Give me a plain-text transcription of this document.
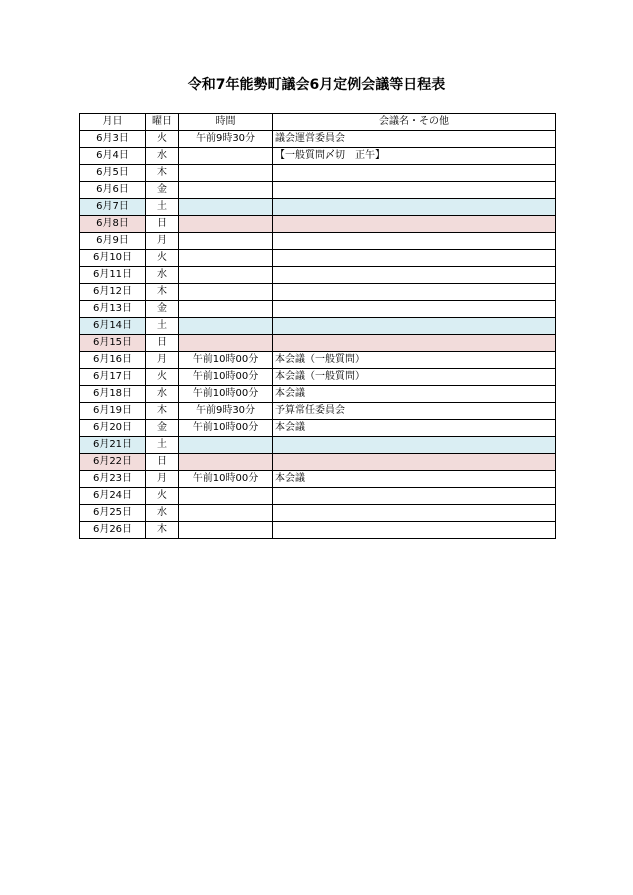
令和7年能勢町議会6月定例会議等日程表
月日	曜日	時間	会議名・その他
6月3日	火	午前9時30分	議会運営委員会
6月4日	水		【一般質問〆切　正午】
6月5日	木		
6月6日	金		
6月7日	土		
6月8日	日		
6月9日	月		
6月10日	火		
6月11日	水		
6月12日	木		
6月13日	金		
6月14日	土		
6月15日	日		
6月16日	月	午前10時00分	本会議（一般質問）
6月17日	火	午前10時00分	本会議（一般質問）
6月18日	水	午前10時00分	本会議
6月19日	木	午前9時30分	予算常任委員会
6月20日	金	午前10時00分	本会議
6月21日	土		
6月22日	日		
6月23日	月	午前10時00分	本会議
6月24日	火		
6月25日	水		
6月26日	木		
